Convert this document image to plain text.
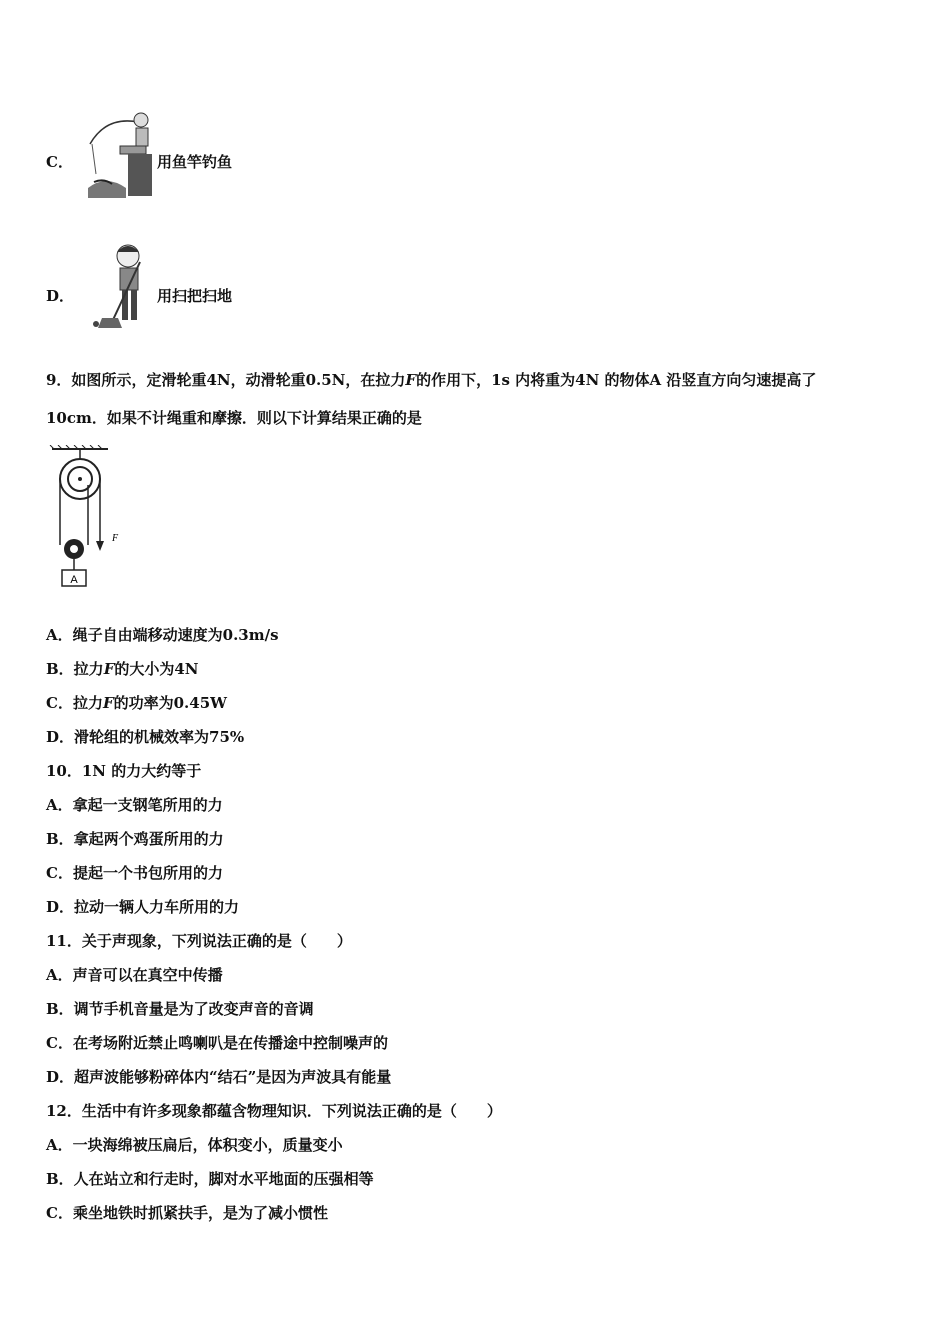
C．	用鱼竿钓鱼
D．	用扫把扫地
9．如图所示，定滑轮重4N，动滑轮重0.5N，在拉力F的作用下，1s 内将重为4N 的物体A 沿竖直方向匀速提高了
10cm．如果不计绳重和摩擦．则以下计算结果正确的是
A
F
A．绳子自由端移动速度为0.3m/s
B．拉力F的大小为4N
C．拉力F的功率为0.45W
D．滑轮组的机械效率为75%
10．1N 的力大约等于
A．拿起一支钢笔所用的力
B．拿起两个鸡蛋所用的力
C．提起一个书包所用的力
D．拉动一辆人力车所用的力
11．关于声现象，下列说法正确的是（　　）
A．声音可以在真空中传播
B．调节手机音量是为了改变声音的音调
C．在考场附近禁止鸣喇叭是在传播途中控制噪声的
D．超声波能够粉碎体内“结石”是因为声波具有能量
12．生活中有许多现象都蕴含物理知识．下列说法正确的是（　　）
A．一块海绵被压扁后，体积变小，质量变小
B．人在站立和行走时，脚对水平地面的压强相等
C．乘坐地铁时抓紧扶手，是为了减小惯性
